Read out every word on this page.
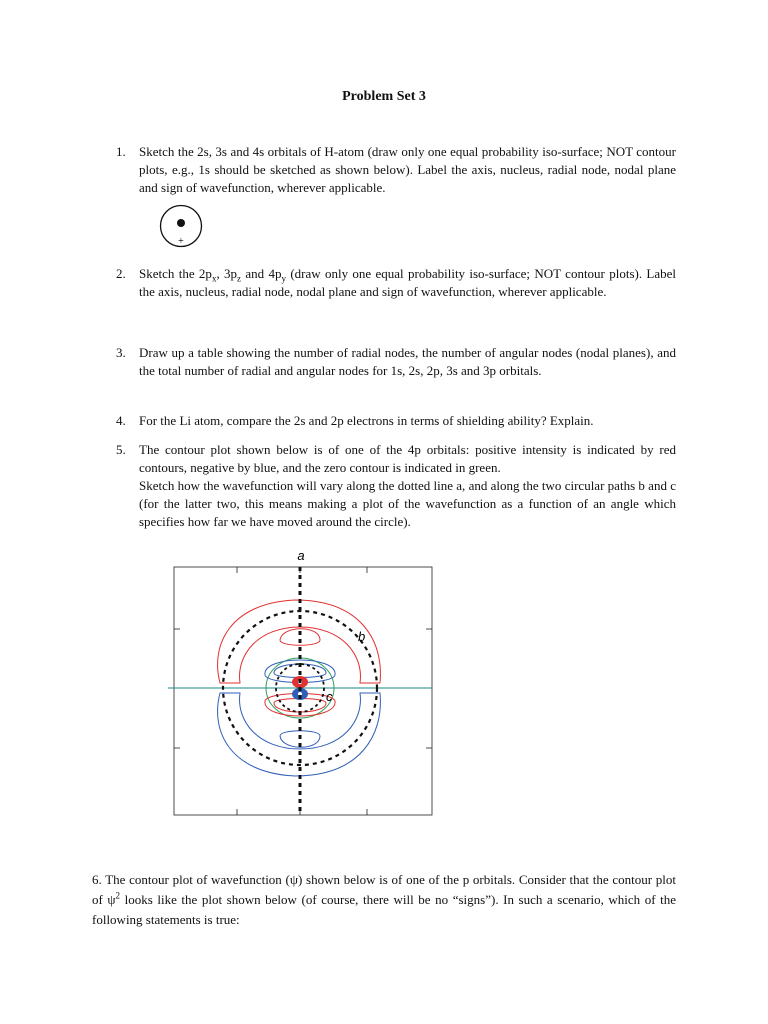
Problem Set 3
1. Sketch the 2s, 3s and 4s orbitals of H-atom (draw only one equal probability iso-surface; NOT contour plots, e.g., 1s should be sketched as shown below). Label the axis, nucleus, radial node, nodal plane and sign of wavefunction, wherever applicable.

+
2. Sketch the $2p_x$, $3p_z$ and $4p_y$ (draw only one equal probability iso-surface; NOT contour plots). Label the axis, nucleus, radial node, nodal plane and sign of wavefunction, wherever applicable.

3. Draw up a table showing the number of radial nodes, the number of angular nodes (nodal planes), and the total number of radial and angular nodes for 1s, 2s, 2p, 3s and 3p orbitals.

4. For the Li atom, compare the 2s and 2p electrons in terms of shielding ability? Explain.

5. The contour plot shown below is of one of the 4p orbitals: positive intensity is indicated by red contours, negative by blue, and the zero contour is indicated in green.

Sketch how the wavefunction will vary along the dotted line a, and along the two circular paths b and c (for the latter two, this means making a plot of the wavefunction as a function of an angle which specifies how far we have moved around the circle).

a
b
c

6. The contour plot of wavefunction (ψ) shown below is of one of the p orbitals. Consider that the contour plot of $\psi^2$ looks like the plot shown below (of course, there will be no “signs”). In such a scenario, which of the following statements is true:
